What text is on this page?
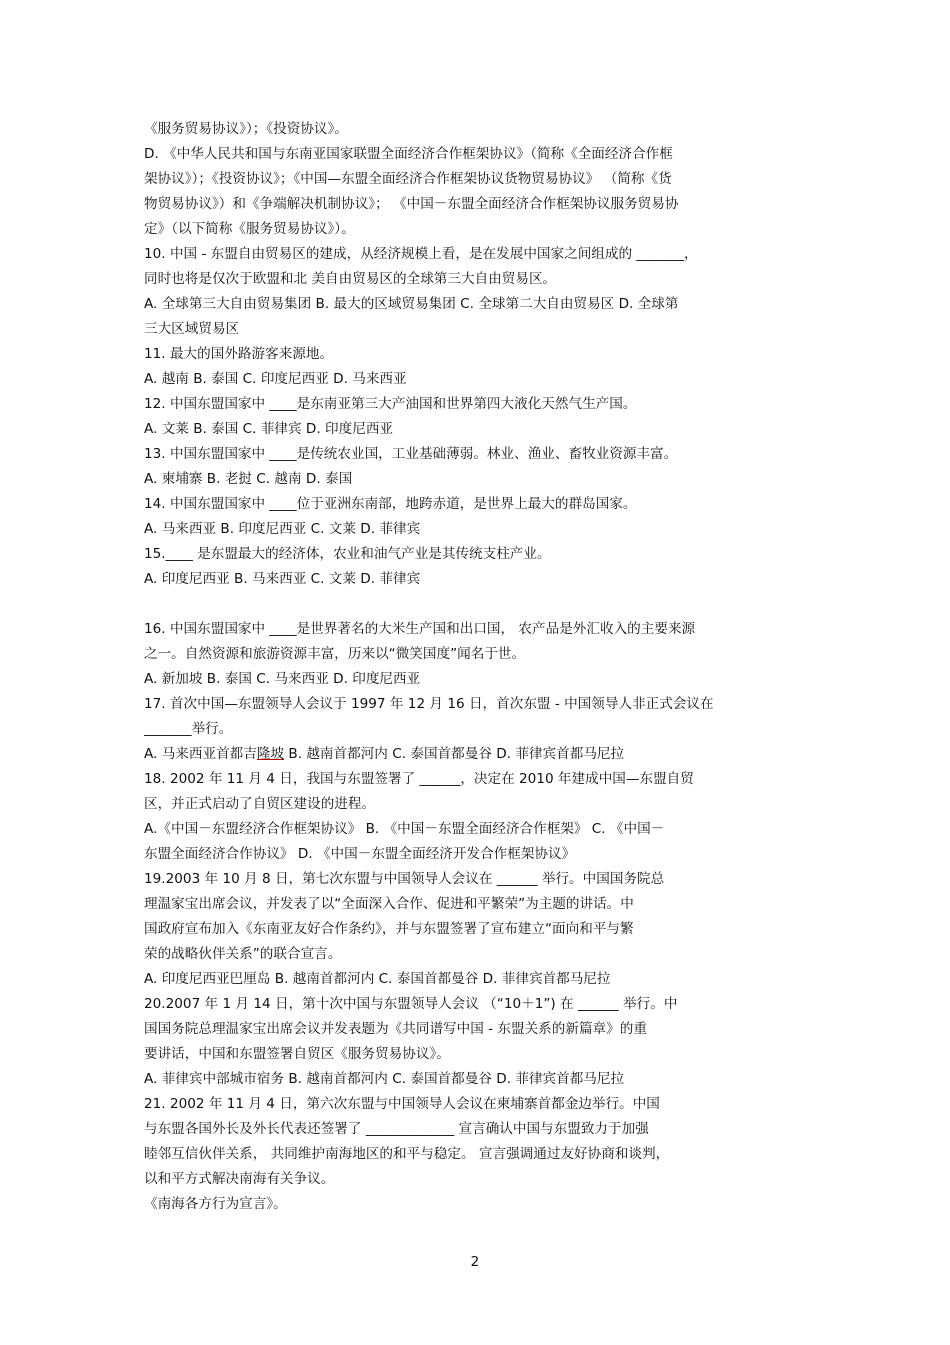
《服务贸易协议》）；《投资协议》。
D. 《中华人民共和国与东南亚国家联盟全面经济合作框架协议》（简称《全面经济合作框
架协议》）；《投资协议》；《中国—东盟全面经济合作框架协议货物贸易协议》 （简称《货
物贸易协议》）和《争端解决机制协议》； 《中国－东盟全面经济合作框架协议服务贸易协
定》（以下简称《服务贸易协议》）。
10. 中国 - 东盟自由贸易区的建成，从经济规模上看，是在发展中国家之间组成的 _______，
同时也将是仅次于欧盟和北 美自由贸易区的全球第三大自由贸易区。
A. 全球第三大自由贸易集团 B. 最大的区域贸易集团 C. 全球第二大自由贸易区 D. 全球第
三大区域贸易区
11. 最大的国外路游客来源地。
A. 越南 B. 泰国 C. 印度尼西亚 D. 马来西亚
12. 中国东盟国家中 ____是东南亚第三大产油国和世界第四大液化天然气生产国。
A. 文莱 B. 泰国 C. 菲律宾 D. 印度尼西亚
13. 中国东盟国家中 ____是传统农业国，工业基础薄弱。林业、渔业、畜牧业资源丰富。
A. 柬埔寨 B. 老挝 C. 越南 D. 泰国
14. 中国东盟国家中 ____位于亚洲东南部，地跨赤道，是世界上最大的群岛国家。
A. 马来西亚 B. 印度尼西亚 C. 文莱 D. 菲律宾
15.____ 是东盟最大的经济体，农业和油气产业是其传统支柱产业。
A. 印度尼西亚 B. 马来西亚 C. 文莱 D. 菲律宾
16. 中国东盟国家中 ____是世界著名的大米生产国和出口国， 农产品是外汇收入的主要来源
之一。自然资源和旅游资源丰富，历来以“微笑国度”闻名于世。
A. 新加坡 B. 泰国 C. 马来西亚 D. 印度尼西亚
17. 首次中国—东盟领导人会议于 1997 年 12 月 16 日，首次东盟 - 中国领导人非正式会议在
_______举行。
A. 马来西亚首都吉隆坡 B. 越南首都河内 C. 泰国首都曼谷 D. 菲律宾首都马尼拉
18. 2002 年 11 月 4 日，我国与东盟签署了 ______，决定在 2010 年建成中国—东盟自贸
区，并正式启动了自贸区建设的进程。
A.《中国－东盟经济合作框架协议》 B. 《中国－东盟全面经济合作框架》 C. 《中国－
东盟全面经济合作协议》 D. 《中国－东盟全面经济开发合作框架协议》
19.2003 年 10 月 8 日，第七次东盟与中国领导人会议在 ______ 举行。中国国务院总
理温家宝出席会议，并发表了以“全面深入合作、促进和平繁荣”为主题的讲话。中
国政府宣布加入《东南亚友好合作条约》，并与东盟签署了宣布建立“面向和平与繁
荣的战略伙伴关系”的联合宣言。
A. 印度尼西亚巴厘岛 B. 越南首都河内 C. 泰国首都曼谷 D. 菲律宾首都马尼拉
20.2007 年 1 月 14 日，第十次中国与东盟领导人会议 （“10＋1”) 在 ______ 举行。中
国国务院总理温家宝出席会议并发表题为《共同谱写中国 - 东盟关系的新篇章》的重
要讲话，中国和东盟签署自贸区《服务贸易协议》。
A. 菲律宾中部城市宿务 B. 越南首都河内 C. 泰国首都曼谷 D. 菲律宾首都马尼拉
21. 2002 年 11 月 4 日，第六次东盟与中国领导人会议在柬埔寨首都金边举行。中国
与东盟各国外长及外长代表还签署了 _____________ 宣言确认中国与东盟致力于加强
睦邻互信伙伴关系， 共同维护南海地区的和平与稳定。 宣言强调通过友好协商和谈判，
以和平方式解决南海有关争议。
《南海各方行为宣言》。
2
